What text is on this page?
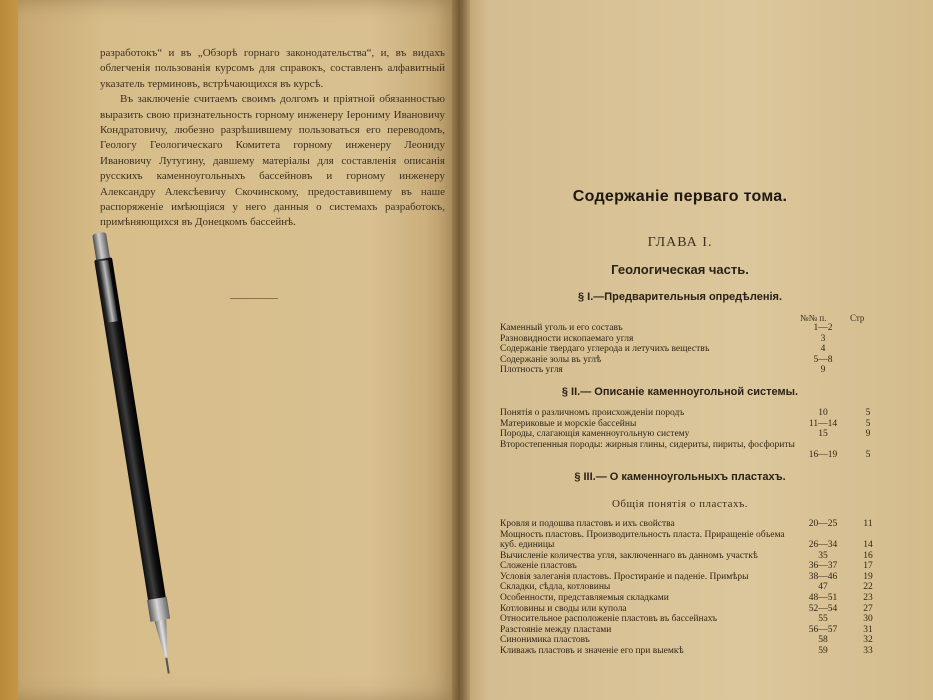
разработокъ“ и въ „Обзорѣ горнаго законодательства“, и, въ видахъ облегченія пользованія курсомъ для справокъ, составленъ алфавитный указатель терминовъ, встрѣчающихся въ курсѣ.

Въ заключеніе считаемъ своимъ долгомъ и пріятной обязанностью выразить свою признательность горному инженеру Іерониму Ивановичу Кондратовичу, любезно разрѣшившему пользоваться его переводомъ, Геологу Геологическаго Комитета горному инженеру Леониду Ивановичу Лутугину, давшему матеріалы для составленія описанія русскихъ каменноугольныхъ бассейновъ и горному инженеру Александру Алексѣевичу Скочинскому, предоставившему въ наше распоряженіе имѣющіяся у него данныя о системахъ разработокъ, примѣняющихся въ Донецкомъ бассейнѣ.

Содержаніе перваго тома.
ГЛАВА I.
Геологическая часть.
§ I.—Предварительныя опредѣленія.
№№ п.	Стр
Каменный уголь и его составъ	1—2
Разновидности ископаемаго угля	3
Содержаніе твердаго углерода и летучихъ веществъ	4
Содержаніе золы въ углѣ	5—8
Плотность угля	9
§ II.— Описаніе каменноугольной системы.
Понятія о различномъ происхожденіи породъ	10	5
Материковые и морскіе бассейны	11—14	5
Породы, слагающія каменноугольную систему	15	9
Второстепенныя породы: жирныя глины, сидериты, пириты, фосфориты
16—19	5
§ III.— О каменноугольныхъ пластахъ.
Общія понятія о пластахъ.
Кровля и подошва пластовъ и ихъ свойства	20—25	11
Мощность пластовъ. Производительность пласта. Приращеніе объема куб. единицы	26—34	14
Вычисленіе количества угля, заключеннаго въ данномъ участкѣ	35	16
Сложеніе пластовъ	36—37	17
Условія залеганія пластовъ. Простираніе и паденіе. Примѣры	38—46	19
Складки, сѣдла, котловины	47	22
Особенности, представляемыя складками	48—51	23
Котловины и своды или купола	52—54	27
Относительное расположеніе пластовъ въ бассейнахъ	55	30
Разстояніе между пластами	56—57	31
Синонимика пластовъ	58	32
Кливажъ пластовъ и значеніе его при выемкѣ	59	33
